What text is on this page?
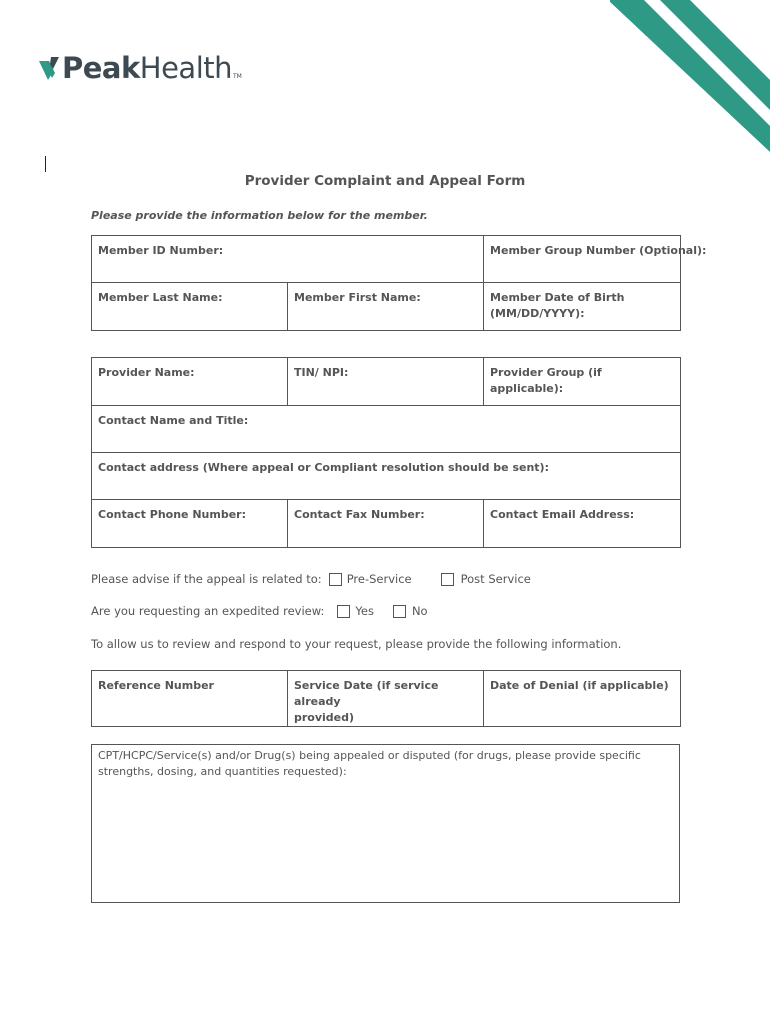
PeakHealth TM
Provider Complaint and Appeal Form
Please provide the information below for the member.
Member ID Number:		Member Group Number (Optional):
Member Last Name:	Member First Name:	Member Date of Birth
(MM/DD/YYYY):
Provider Name:	TIN/ NPI:	Provider Group (if applicable):
Contact Name and Title:		
Contact address (Where appeal or Compliant resolution should be sent):		
Contact Phone Number:	Contact Fax Number:	Contact Email Address:
Please advise if the appeal is related to: Pre-Service	Post Service
Are you requesting an expedited review:	Yes	No
To allow us to review and respond to your request, please provide the following information.
Reference Number	Service Date (if service already
provided)	Date of Denial (if applicable)
CPT/HCPC/Service(s) and/or Drug(s) being appealed or disputed (for drugs, please provide specific
strengths, dosing, and quantities requested):
